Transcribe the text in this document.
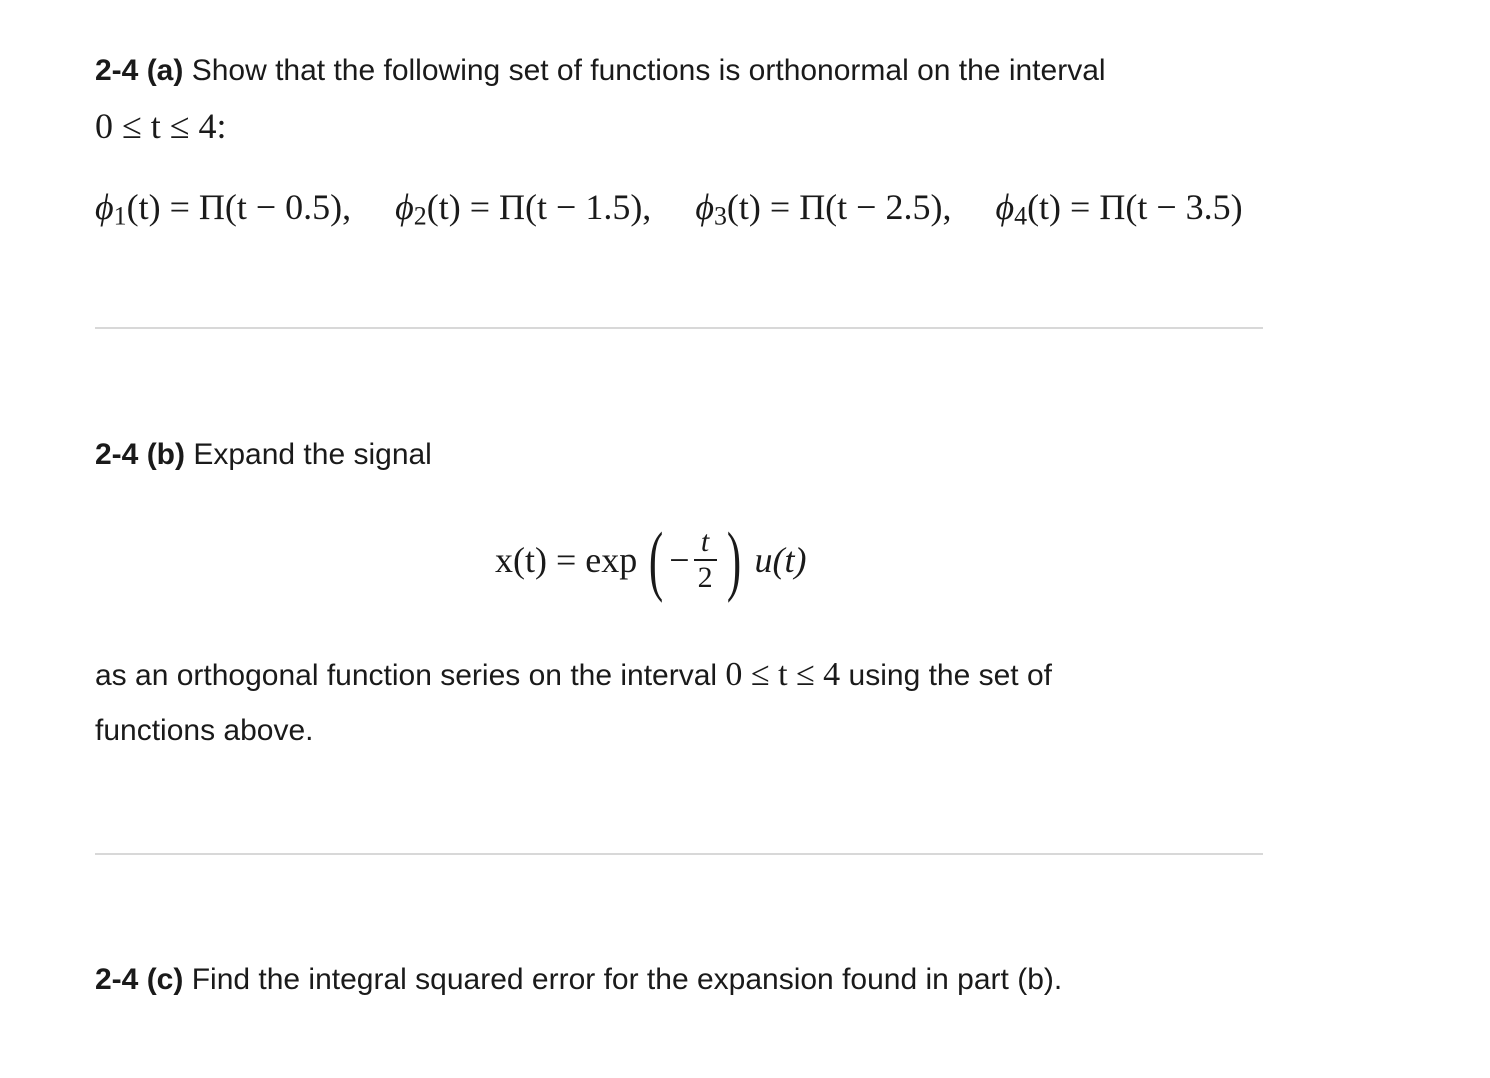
2-4 (a) Show that the following set of functions is orthonormal on the interval
0 ≤ t ≤ 4:
$\phi_1(t) = \Pi(t - 0.5)$, $\phi_2(t) = \Pi(t - 1.5)$, $\phi_3(t) = \Pi(t - 2.5)$, $\phi_4(t) = \Pi(t - 3.5)$
2-4 (b) Expand the signal
x(t) = exp ( − $\frac{t}{2}$ ) u(t)
as an orthogonal function series on the interval 0 ≤ t ≤ 4 using the set of
functions above.
2-4 (c) Find the integral squared error for the expansion found in part (b).
